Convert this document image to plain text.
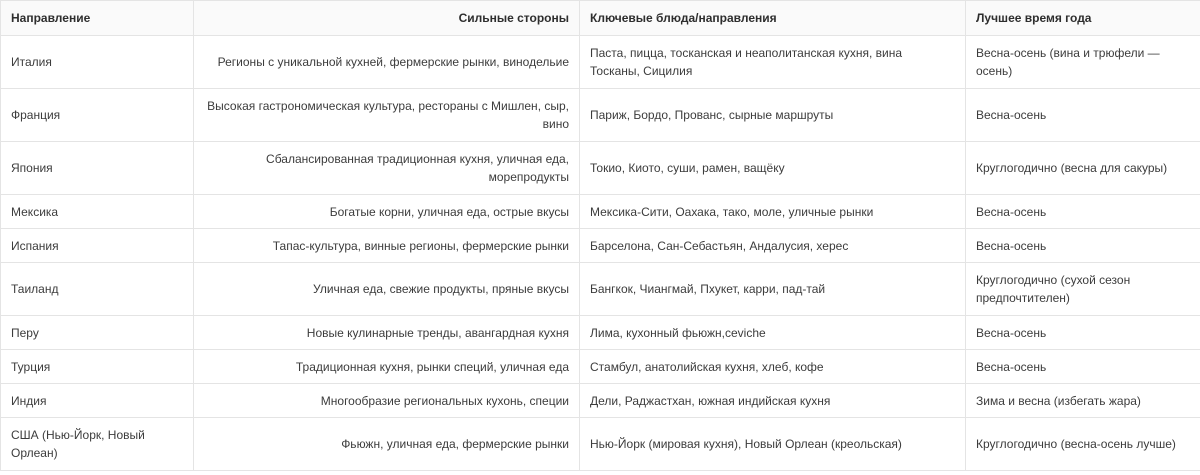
Направление	Сильные стороны	Ключевые блюда/направления	Лучшее время года
Италия	Регионы с уникальной кухней, фермерские рынки, винодельие	Паста, пицца, тосканская и неаполитанская кухня, вина Тосканы, Сицилия	Весна-осень (вина и трюфели — осень)
Франция	Высокая гастрономическая культура, рестораны с Мишлен, сыр, вино	Париж, Бордо, Прованс, сырные маршруты	Весна-осень
Япония	Сбалансированная традиционная кухня, уличная еда, морепродукты	Токио, Киото, суши, рамен, ващёку	Круглогодично (весна для сакуры)
Мексика	Богатые корни, уличная еда, острые вкусы	Мексика-Сити, Оахака, тако, моле, уличные рынки	Весна-осень
Испания	Тапас-культура, винные регионы, фермерские рынки	Барселона, Сан-Себастьян, Андалусия, херес	Весна-осень
Таиланд	Уличная еда, свежие продукты, пряные вкусы	Бангкок, Чиангмай, Пхукет, карри, пад-тай	Круглогодично (сухой сезон предпочтителен)
Перу	Новые кулинарные тренды, авангардная кухня	Лима, кухонный фьюжн,ceviche	Весна-осень
Турция	Традиционная кухня, рынки специй, уличная еда	Стамбул, анатолийская кухня, хлеб, кофе	Весна-осень
Индия	Многообразие региональных кухонь, специи	Дели, Раджастхан, южная индийская кухня	Зима и весна (избегать жара)
США (Нью-Йорк, Новый Орлеан)	Фьюжн, уличная еда, фермерские рынки	Нью-Йорк (мировая кухня), Новый Орлеан (креольская)	Круглогодично (весна-осень лучше)
